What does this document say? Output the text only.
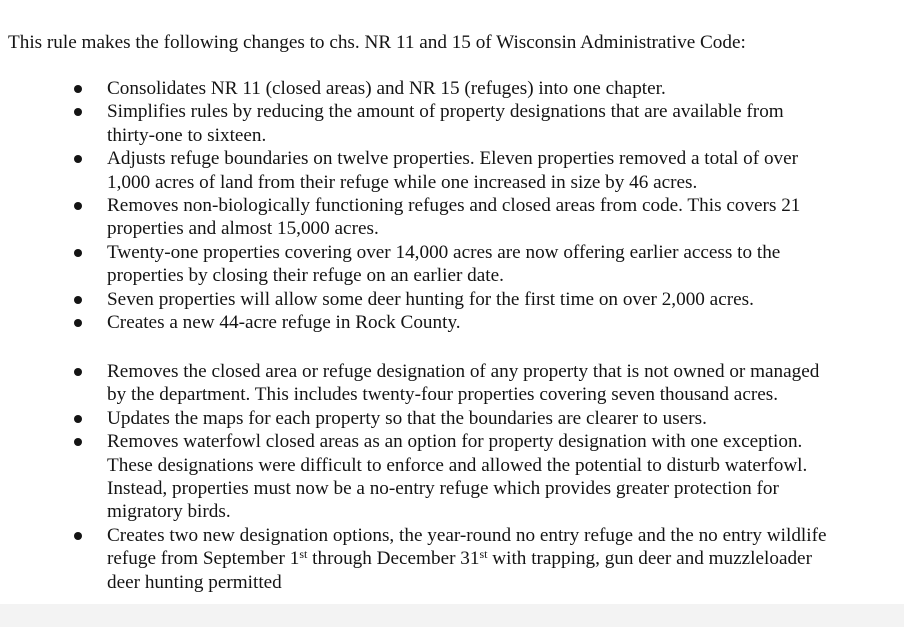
This rule makes the following changes to chs. NR 11 and 15 of Wisconsin Administrative Code:
Consolidates NR 11 (closed areas) and NR 15 (refuges) into one chapter.
Simplifies rules by reducing the amount of property designations that are available from
thirty-one to sixteen.
Adjusts refuge boundaries on twelve properties. Eleven properties removed a total of over
1,000 acres of land from their refuge while one increased in size by 46 acres.
Removes non-biologically functioning refuges and closed areas from code. This covers 21
properties and almost 15,000 acres.
Twenty-one properties covering over 14,000 acres are now offering earlier access to the
properties by closing their refuge on an earlier date.
Seven properties will allow some deer hunting for the first time on over 2,000 acres.
Creates a new 44-acre refuge in Rock County.
Removes the closed area or refuge designation of any property that is not owned or managed
by the department. This includes twenty-four properties covering seven thousand acres.
Updates the maps for each property so that the boundaries are clearer to users.
Removes waterfowl closed areas as an option for property designation with one exception.
These designations were difficult to enforce and allowed the potential to disturb waterfowl.
Instead, properties must now be a no-entry refuge which provides greater protection for
migratory birds.
Creates two new designation options, the year-round no entry refuge and the no entry wildlife
refuge from September 1st through December 31st with trapping, gun deer and muzzleloader
deer hunting permitted
